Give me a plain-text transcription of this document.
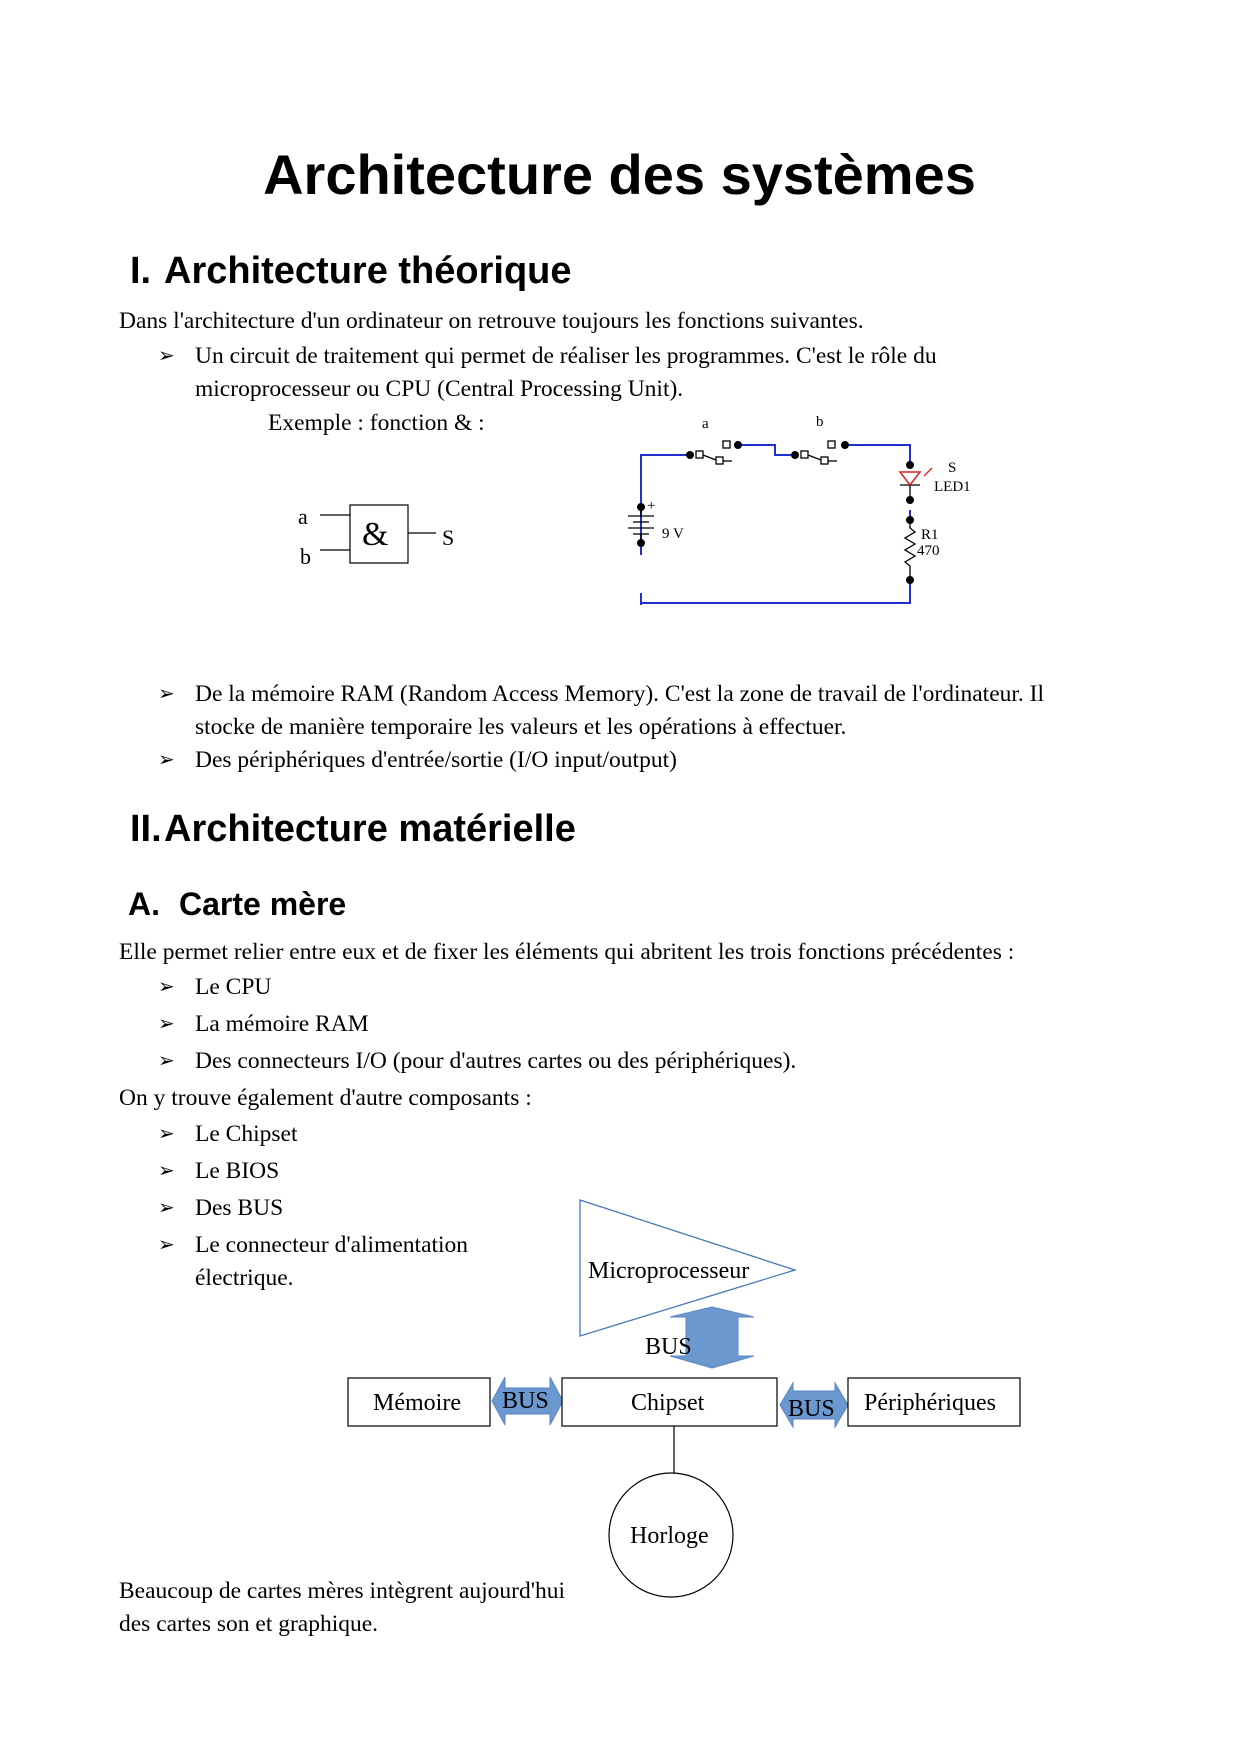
Architecture des systèmes
I. Architecture théorique
Dans l'architecture d'un ordinateur on retrouve toujours les fonctions suivantes.
➢ Un circuit de traitement qui permet de réaliser les programmes. C'est le rôle du
microprocesseur ou CPU (Central Processing Unit).
Exemple : fonction & :
a
b
& S
a	b
S
LED1
+
9 V	R1
470
➢ De la mémoire RAM (Random Access Memory). C'est la zone de travail de l'ordinateur. Il
stocke de manière temporaire les valeurs et les opérations à effectuer.
➢ Des périphériques d'entrée/sortie (I/O input/output)
II. Architecture matérielle
A. Carte mère
Elle permet relier entre eux et de fixer les éléments qui abritent les trois fonctions précédentes :
➢ Le CPU
➢ La mémoire RAM
➢ Des connecteurs I/O (pour d'autres cartes ou des périphériques).
On y trouve également d'autre composants :
➢ Le Chipset
➢ Le BIOS
➢ Des BUS
➢ Le connecteur d'alimentation
électrique.	Microprocesseur
BUS
Mémoire BUS	Chipset	BUS Périphériques
Horloge
Beaucoup de cartes mères intègrent aujourd'hui
des cartes son et graphique.
